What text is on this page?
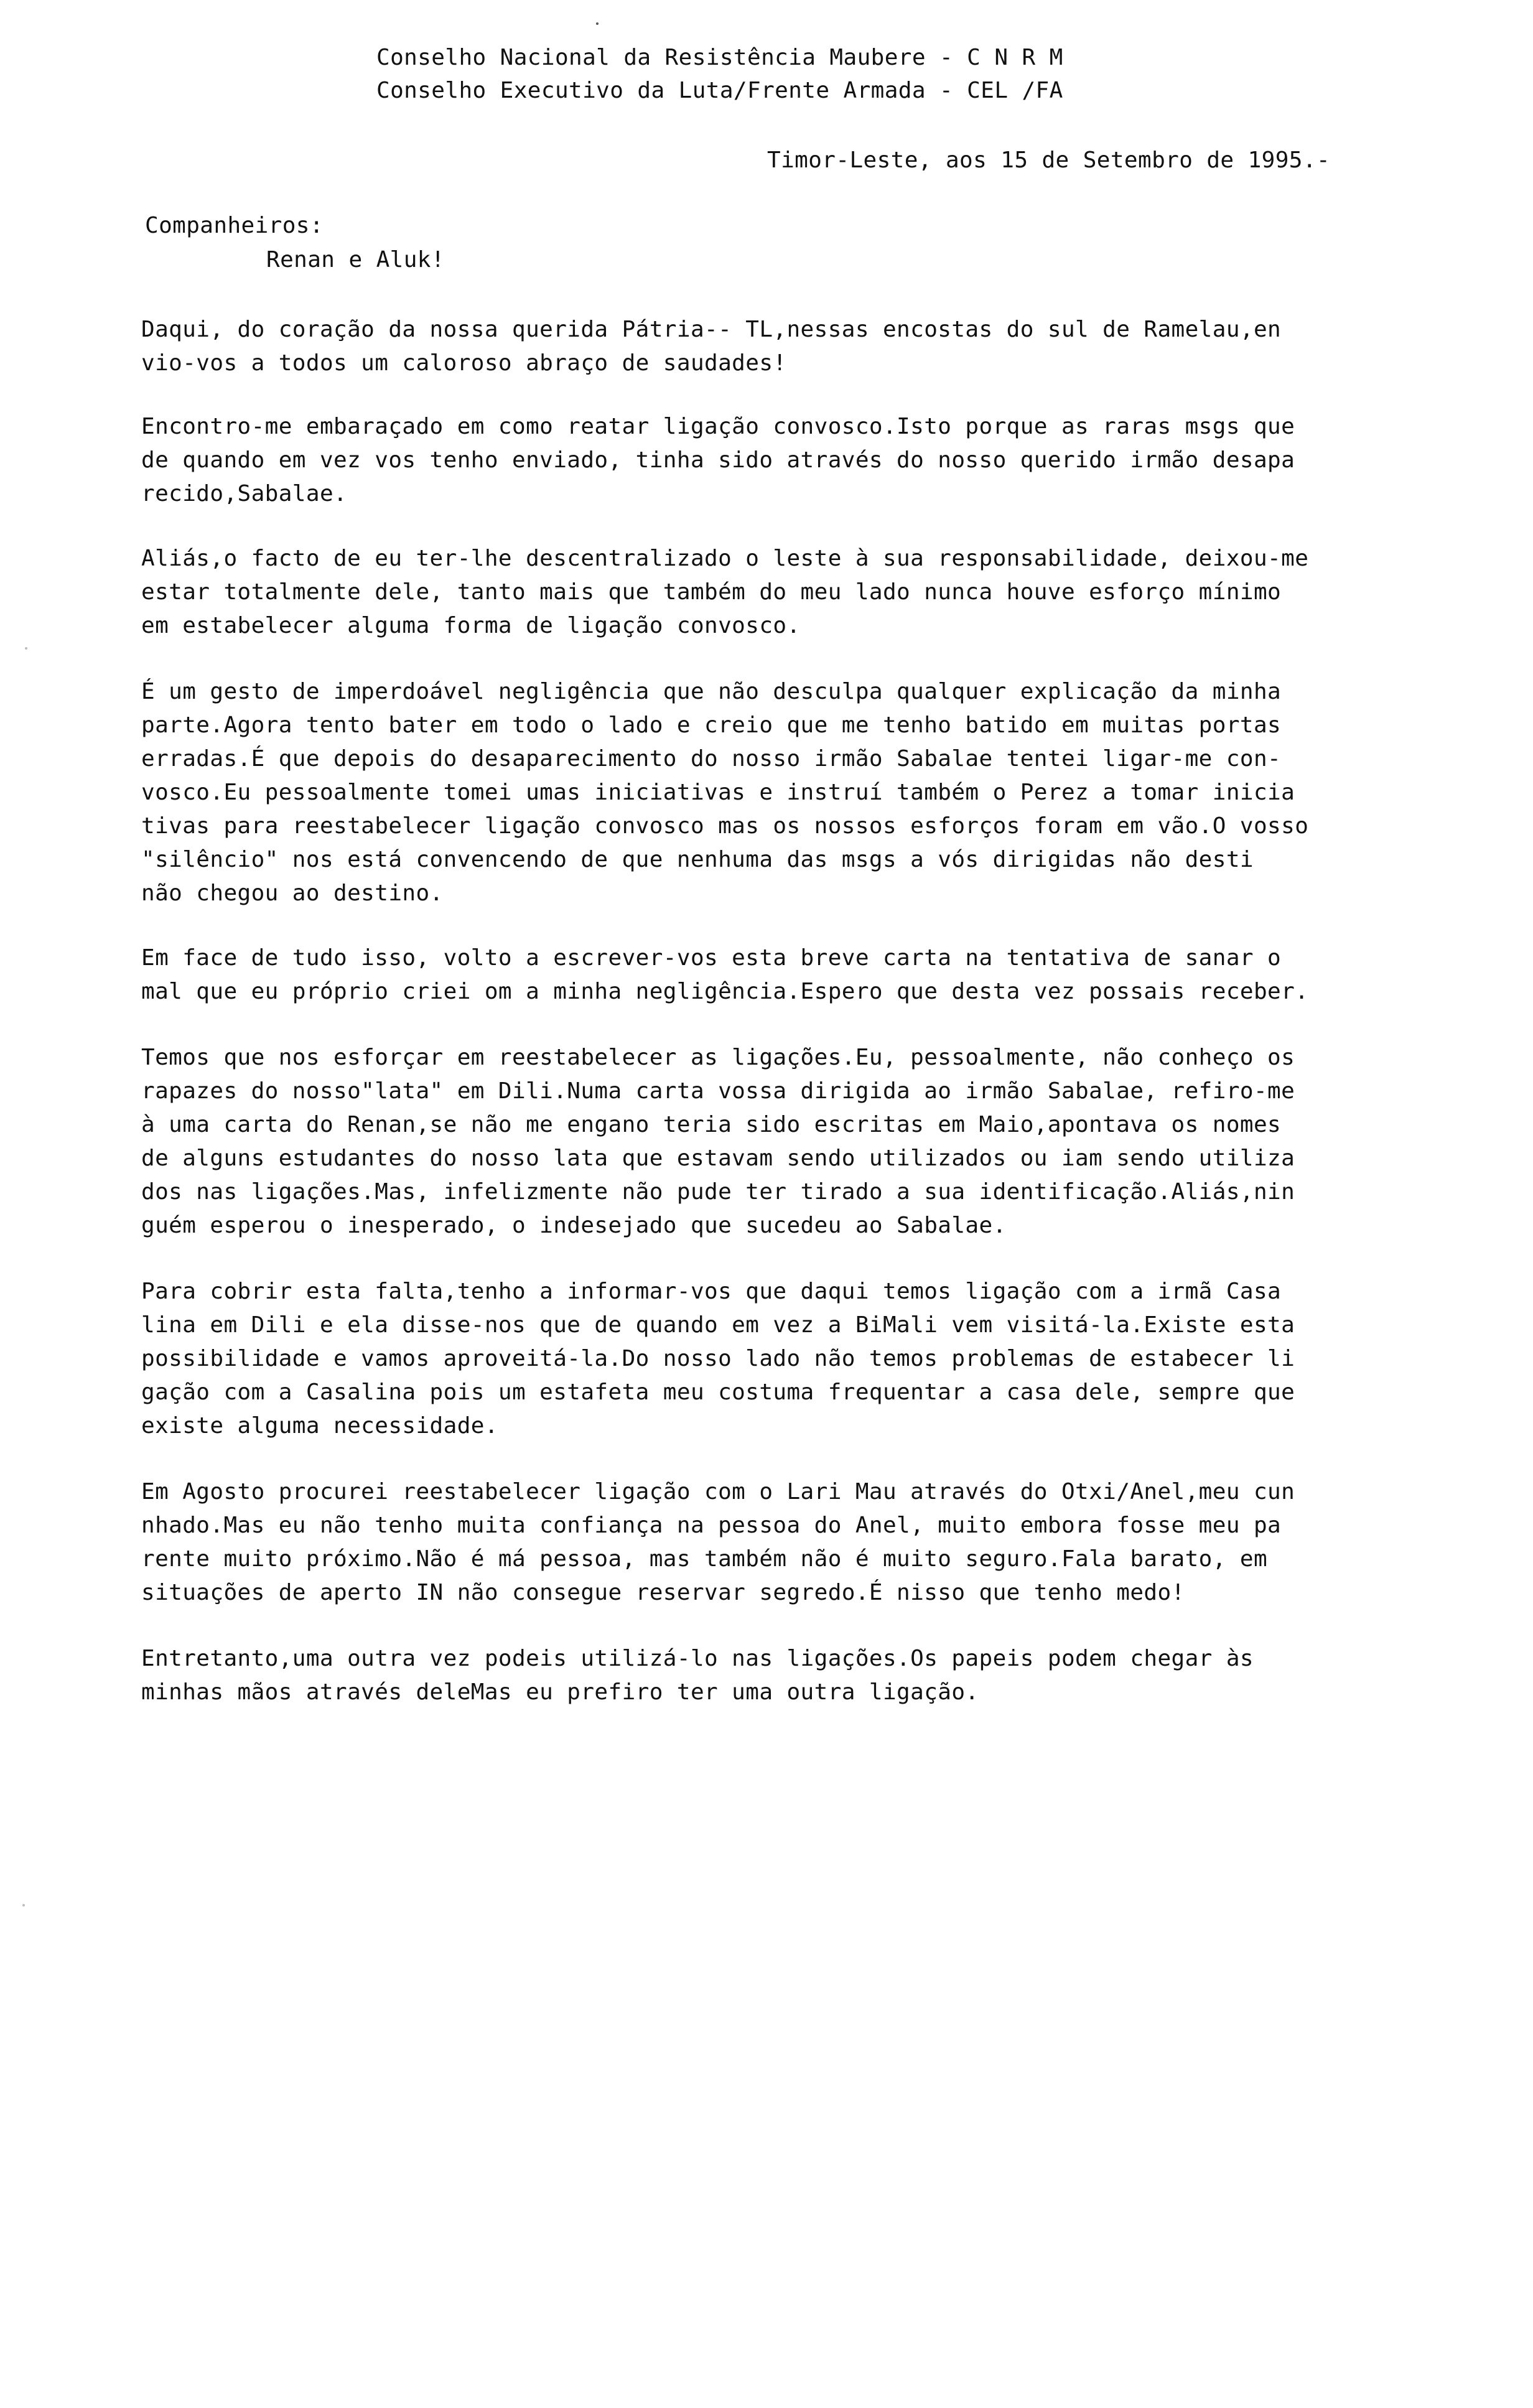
Conselho Nacional da Resistência Maubere - C N R M
Conselho Executivo da Luta/Frente Armada - CEL /FA
Timor-Leste, aos 15 de Setembro de 1995.-
Companheiros:
Renan e Aluk!
Daqui, do coração da nossa querida Pátria-- TL,nessas encostas do sul de Ramelau,en
vio-vos a todos um caloroso abraço de saudades!
Encontro-me embaraçado em como reatar ligação convosco.Isto porque as raras msgs que
de quando em vez vos tenho enviado, tinha sido através do nosso querido irmão desapa
recido,Sabalae.
Aliás,o facto de eu ter-lhe descentralizado o leste à sua responsabilidade, deixou-me
estar totalmente dele, tanto mais que também do meu lado nunca houve esforço mínimo
em estabelecer alguma forma de ligação convosco.
É um gesto de imperdoável negligência que não desculpa qualquer explicação da minha
parte.Agora tento bater em todo o lado e creio que me tenho batido em muitas portas
erradas.É que depois do desaparecimento do nosso irmão Sabalae tentei ligar-me con-
vosco.Eu pessoalmente tomei umas iniciativas e instruí também o Perez a tomar inicia
tivas para reestabelecer ligação convosco mas os nossos esforços foram em vão.O vosso
"silêncio" nos está convencendo de que nenhuma das msgs a vós dirigidas não desti
não chegou ao destino.
Em face de tudo isso, volto a escrever-vos esta breve carta na tentativa de sanar o
mal que eu próprio criei om a minha negligência.Espero que desta vez possais receber.
Temos que nos esforçar em reestabelecer as ligações.Eu, pessoalmente, não conheço os
rapazes do nosso"lata" em Dili.Numa carta vossa dirigida ao irmão Sabalae, refiro-me
à uma carta do Renan,se não me engano teria sido escritas em Maio,apontava os nomes
de alguns estudantes do nosso lata que estavam sendo utilizados ou iam sendo utiliza
dos nas ligações.Mas, infelizmente não pude ter tirado a sua identificação.Aliás,nin
guém esperou o inesperado, o indesejado que sucedeu ao Sabalae.
Para cobrir esta falta,tenho a informar-vos que daqui temos ligação com a irmã Casa
lina em Dili e ela disse-nos que de quando em vez a BiMali vem visitá-la.Existe esta
possibilidade e vamos aproveitá-la.Do nosso lado não temos problemas de estabecer li
gação com a Casalina pois um estafeta meu costuma frequentar a casa dele, sempre que
existe alguma necessidade.
Em Agosto procurei reestabelecer ligação com o Lari Mau através do Otxi/Anel,meu cun
nhado.Mas eu não tenho muita confiança na pessoa do Anel, muito embora fosse meu pa
rente muito próximo.Não é má pessoa, mas também não é muito seguro.Fala barato, em
situações de aperto IN não consegue reservar segredo.É nisso que tenho medo!
Entretanto,uma outra vez podeis utilizá-lo nas ligações.Os papeis podem chegar às
minhas mãos através deleMas eu prefiro ter uma outra ligação.
